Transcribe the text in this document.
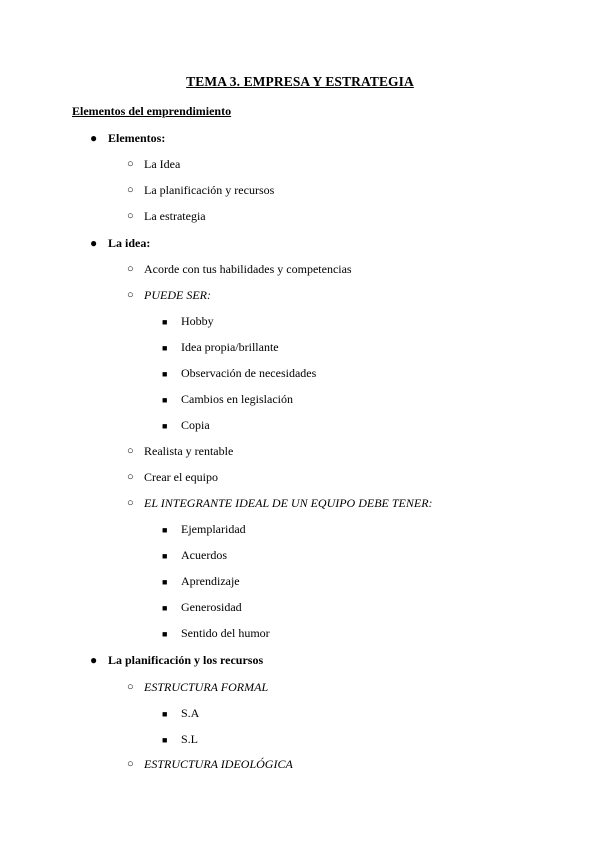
TEMA 3. EMPRESA Y ESTRATEGIA
Elementos del emprendimiento
● Elementos:
○ La Idea
○ La planificación y recursos
○ La estrategia
● La idea:
○ Acorde con tus habilidades y competencias
○ PUEDE SER:
■ Hobby
■ Idea propia/brillante
■ Observación de necesidades
■ Cambios en legislación
■ Copia
○ Realista y rentable
○ Crear el equipo
○ EL INTEGRANTE IDEAL DE UN EQUIPO DEBE TENER:
■ Ejemplaridad
■ Acuerdos
■ Aprendizaje
■ Generosidad
■ Sentido del humor
● La planificación y los recursos
○ ESTRUCTURA FORMAL
■ S.A
■ S.L
○ ESTRUCTURA IDEOLÓGICA
